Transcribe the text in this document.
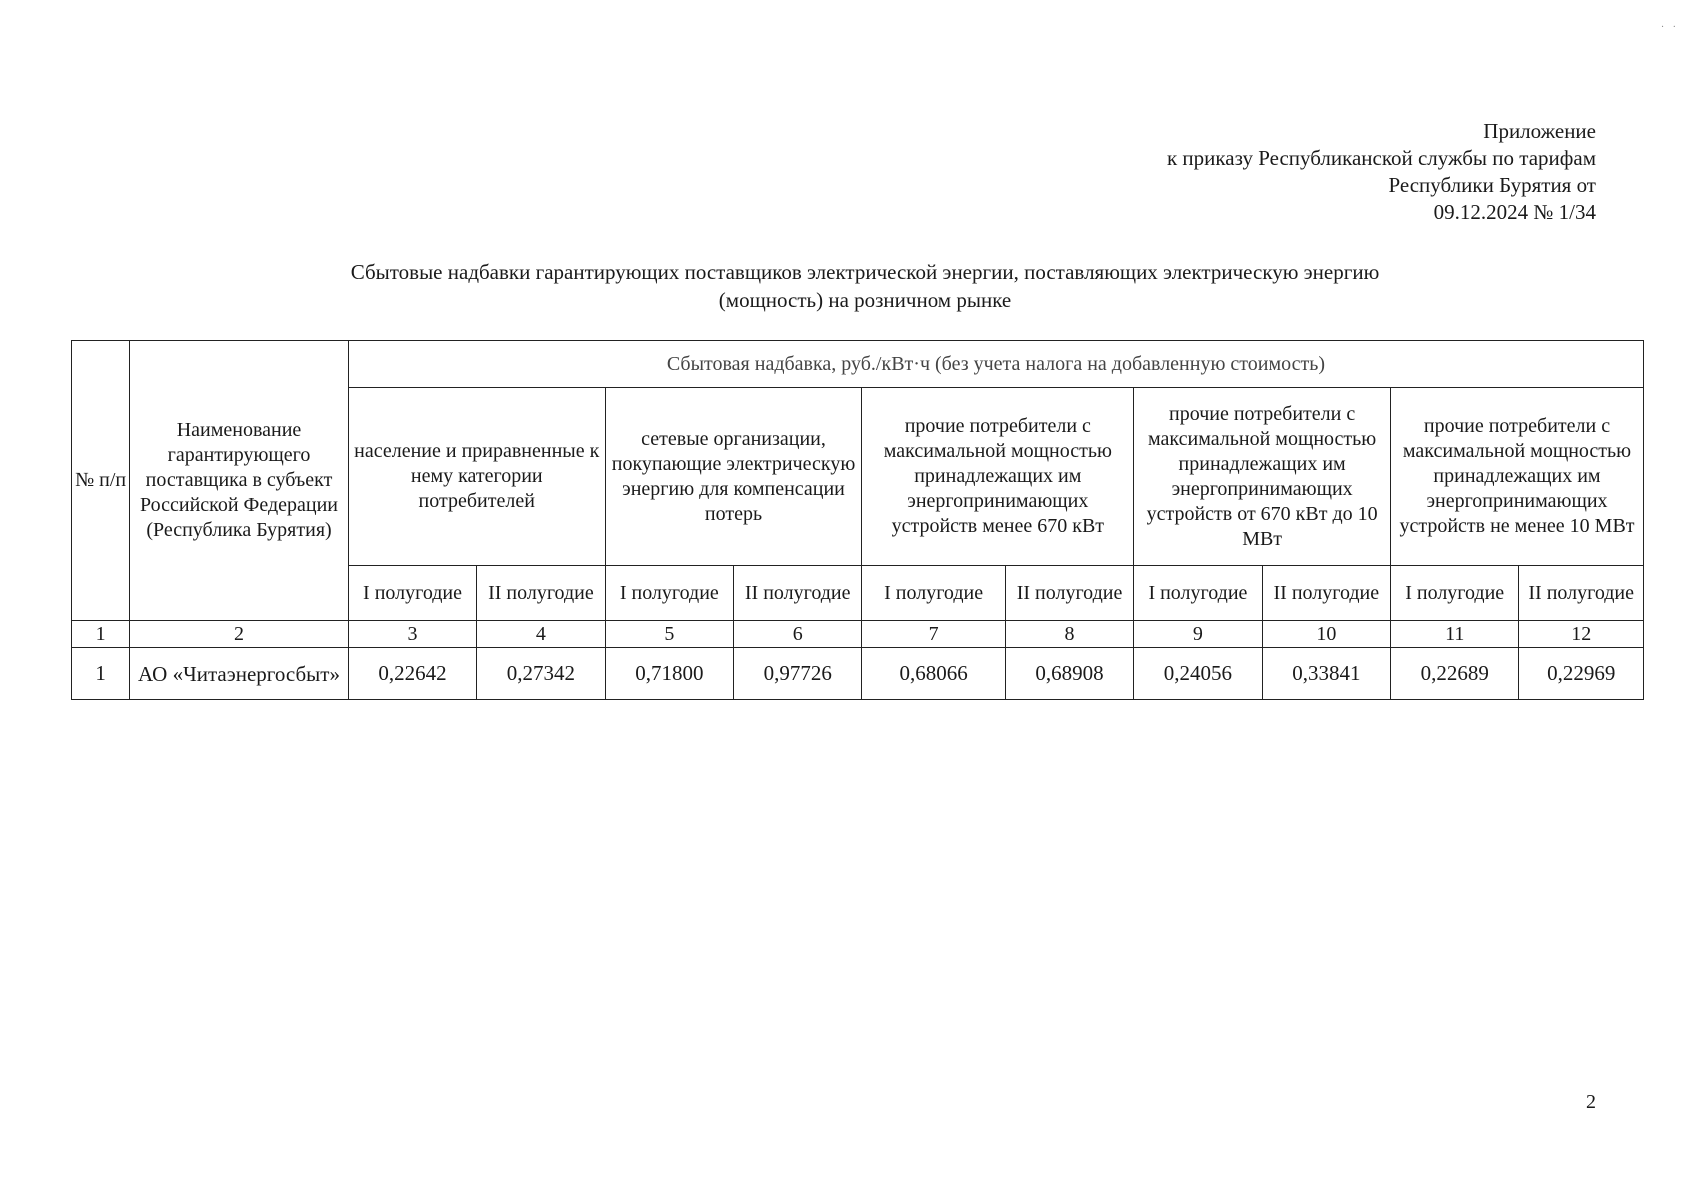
· ·
Приложение
к приказу Республиканской службы по тарифам
Республики Бурятия от
09.12.2024 № 1/34
Сбытовые надбавки гарантирующих поставщиков электрической энергии, поставляющих электрическую энергию
(мощность) на розничном рынке
№ п/п	Наименование гарантирующего поставщика в субъект Российской Федерации (Республика Бурятия)	Сбытовая надбавка, руб./кВт·ч (без учета налога на добавленную стоимость)									
		население и приравненные к нему категории потребителей		сетевые организации, покупающие электрическую энергию для компенсации потерь		прочие потребители с максимальной мощностью принадлежащих им энергопринимающих устройств менее 670 кВт		прочие потребители с максимальной мощностью принадлежащих им энергопринимающих устройств от 670 кВт до 10 МВт		прочие потребители с максимальной мощностью принадлежащих им энергопринимающих устройств не менее 10 МВт	
		I полугодие	II полугодие	I полугодие	II полугодие	I полугодие	II полугодие	I полугодие	II полугодие	I полугодие	II полугодие
1	2	3	4	5	6	7	8	9	10	11	12
1	АО «Читаэнергосбыт»	0,22642	0,27342	0,71800	0,97726	0,68066	0,68908	0,24056	0,33841	0,22689	0,22969
2
